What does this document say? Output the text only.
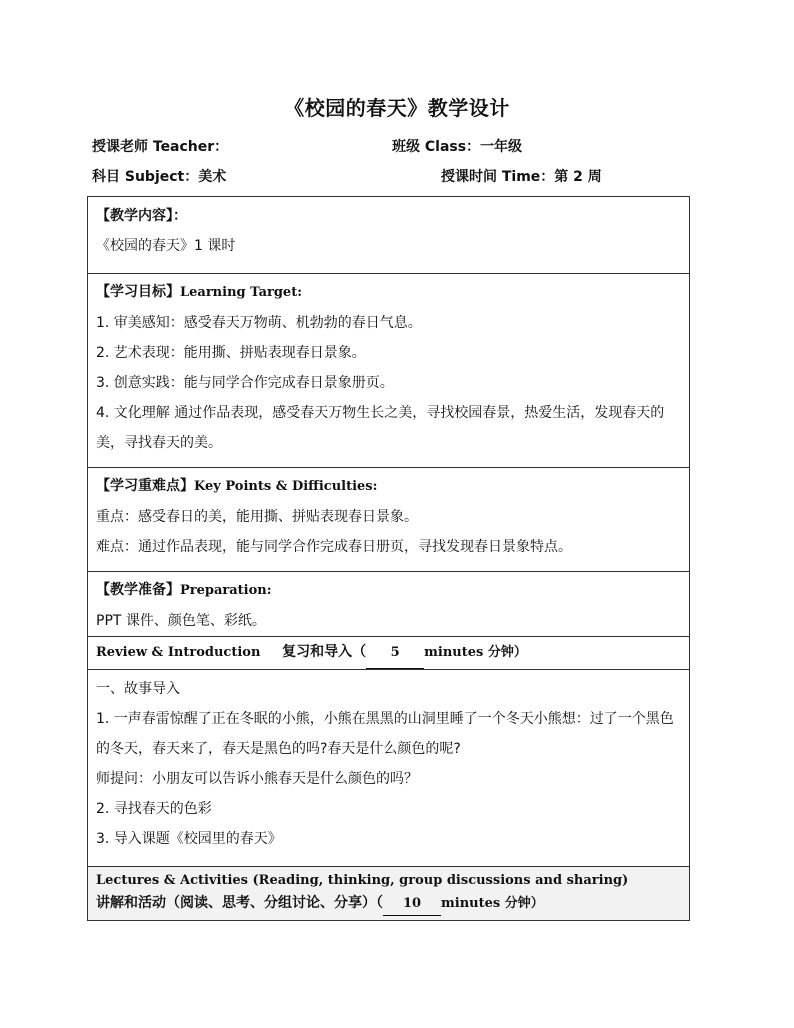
《校园的春天》教学设计
授课老师 Teacher：	班级 Class：一年级
科目 Subject：美术	授课时间 Time：第 2 周
【教学内容】：
《校园的春天》1 课时

【学习目标】Learning Target:
1. 审美感知：感受春天万物萌、机勃勃的春日气息。
2. 艺术表现：能用撕、拼贴表现春日景象。
3. 创意实践：能与同学合作完成春日景象册页。
4. 文化理解 通过作品表现，感受春天万物生长之美，寻找校园春景，热爱生活，发现春天的美，寻找春天的美。

【学习重难点】Key Points & Difficulties:
重点：感受春日的美，能用撕、拼贴表现春日景象。
难点：通过作品表现，能与同学合作完成春日册页，寻找发现春日景象特点。

【教学准备】Preparation:
PPT 课件、颜色笔、彩纸。

Review & Introduction 复习和导入（ 5 minutes 分钟）

一、故事导入
1. 一声春雷惊醒了正在冬眠的小熊，小熊在黑黑的山洞里睡了一个冬天小熊想：过了一个黑色的冬天，春天来了，春天是黑色的吗?春天是什么颜色的呢?
师提问：小朋友可以告诉小熊春天是什么颜色的吗？
2. 寻找春天的色彩
3. 导入课题《校园里的春天》

Lectures & Activities (Reading, thinking, group discussions and sharing)
讲解和活动（阅读、思考、分组讨论、分享）（ 10 minutes 分钟）
